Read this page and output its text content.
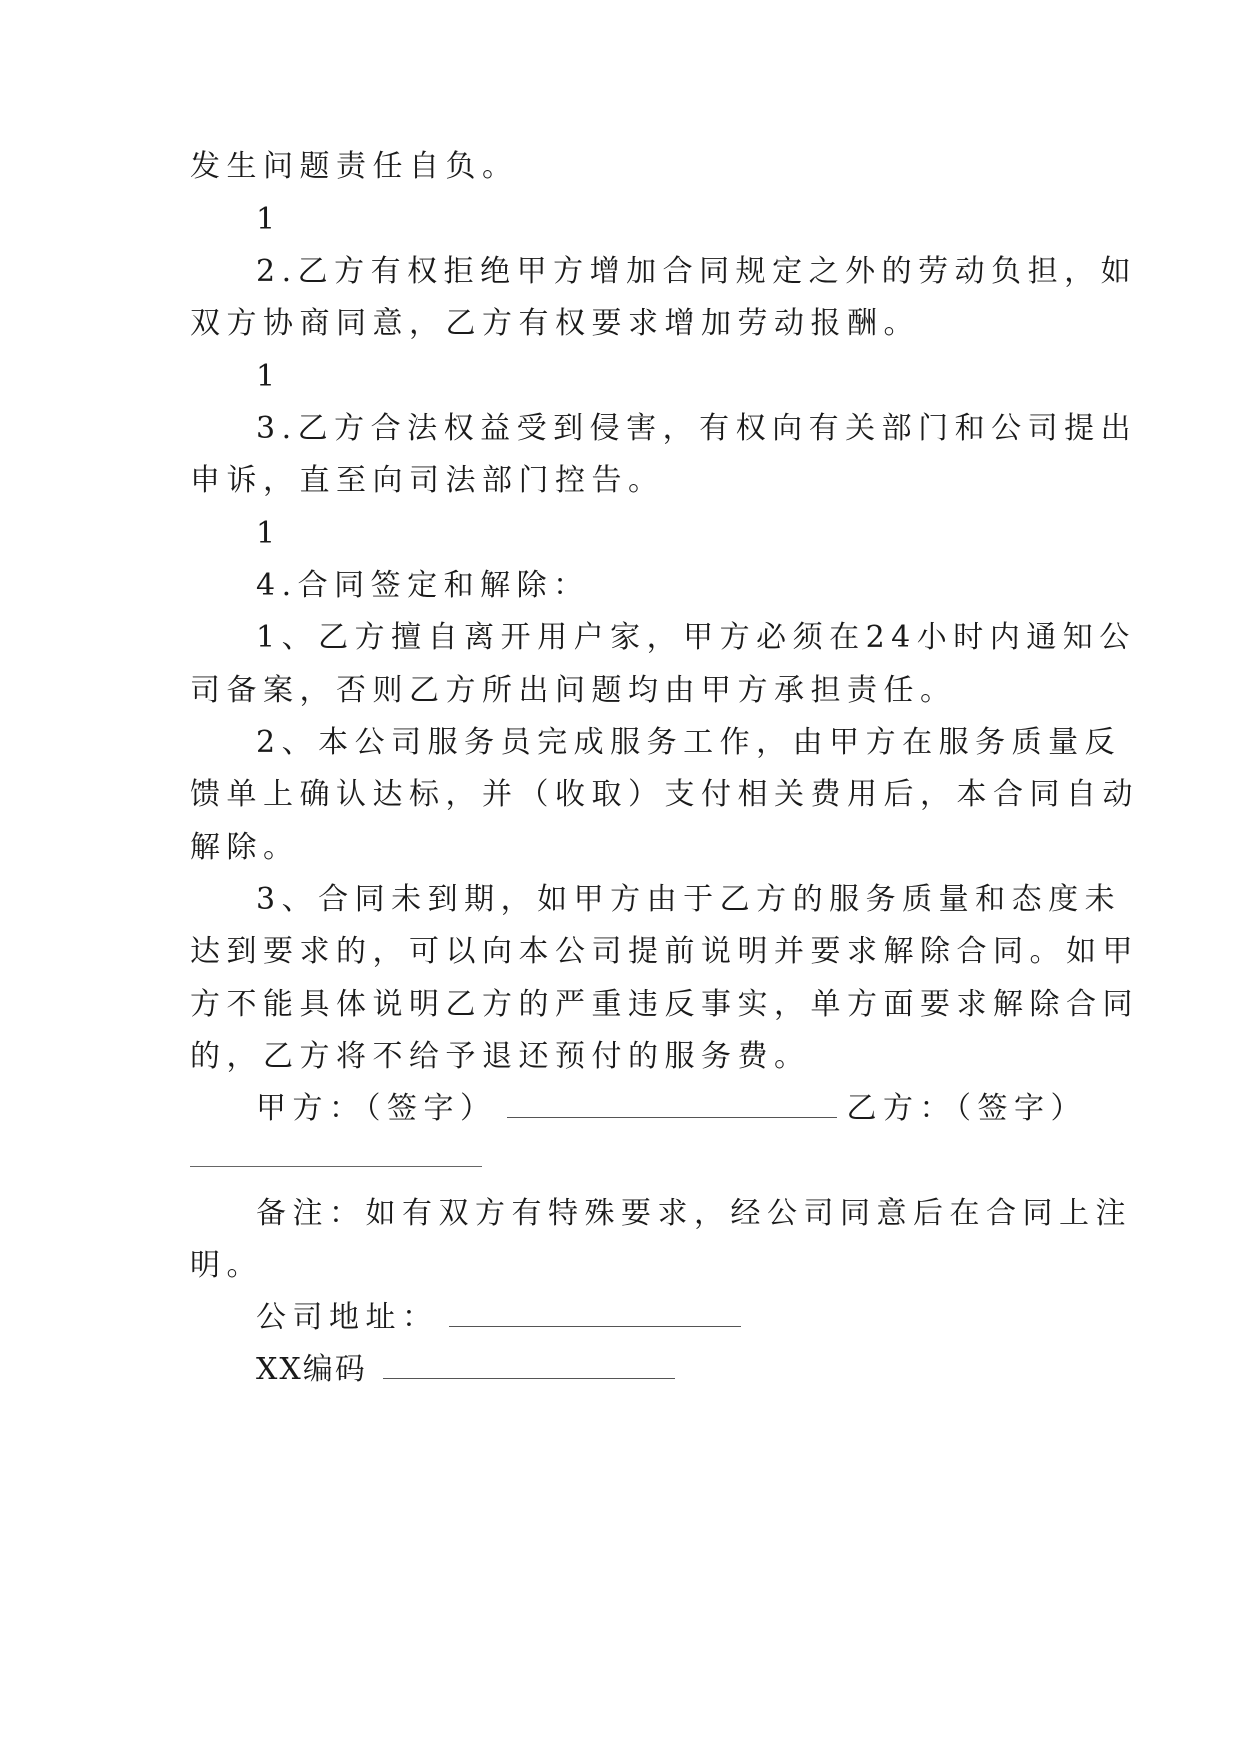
发生问题责任自负。
1
2.乙方有权拒绝甲方增加合同规定之外的劳动负担，如
双方协商同意，乙方有权要求增加劳动报酬。
1
3.乙方合法权益受到侵害，有权向有关部门和公司提出
申诉，直至向司法部门控告。
1
4.合同签定和解除：
1、乙方擅自离开用户家，甲方必须在24小时内通知公
司备案，否则乙方所出问题均由甲方承担责任。
2、本公司服务员完成服务工作，由甲方在服务质量反
馈单上确认达标，并（收取）支付相关费用后，本合同自动
解除。
3、合同未到期，如甲方由于乙方的服务质量和态度未
达到要求的，可以向本公司提前说明并要求解除合同。如甲
方不能具体说明乙方的严重违反事实，单方面要求解除合同
的，乙方将不给予退还预付的服务费。
甲方：（签字）	乙方：（签字）
备注：如有双方有特殊要求，经公司同意后在合同上注
明。
公司地址：
XX编码
